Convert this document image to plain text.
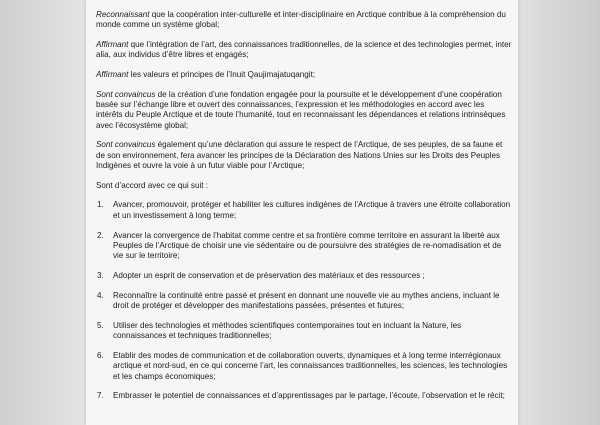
Reconnaissant que la coopération inter-culturelle et inter-disciplinaire en Arctique contribue à la compréhension du monde comme un système global;

Affirmant que l’intégration de l’art, des connaissances traditionnelles, de la science et des technologies permet, inter alia, aux individus d’être libres et engagés;

Affirmant les valeurs et principes de l’Inuit Qaujimajatuqangit;

Sont convaincus de la création d’une fondation engagée pour la poursuite et le développement d’une coopération basée sur l’échange libre et ouvert des connaissances, l’expression et les méthodologies en accord avec les intérêts du Peuple Arctique et de toute l’humanité, tout en reconnaissant les dépendances et relations intrinsèques avec l’écosystème global;

Sont convaincus également qu’une déclaration qui assure le respect de l’Arctique, de ses peuples, de sa faune et de son environnement, fera avancer les principes de la Déclaration des Nations Unies sur les Droits des Peuples Indigènes et ouvre la voie à un futur viable pour l’Arctique;

Sont d’accord avec ce qui suit :

1.	Avancer, promouvoir, protéger et habiliter les cultures indigènes de l’Arctique à travers une étroite collaboration et un investissement à long terme;
2.	Avancer la convergence de l’habitat comme centre et sa frontière comme territoire en assurant la liberté aux Peuples de l’Arctique de choisir une vie sédentaire ou de poursuivre des stratégies de re-nomadisation et de vie sur le territoire;
3.	Adopter un esprit de conservation et de préservation des matériaux et des ressources ;
4.	Reconnaître la continuité entre passé et présent en donnant une nouvelle vie au mythes anciens, incluant le droit de protéger et développer des manifestations passées, présentes et futures;
5.	Utiliser des technologies et méthodes scientifiques contemporaines tout en incluant la Nature, les connaissances et techniques traditionnelles;
6.	Etablir des modes de communication et de collaboration ouverts, dynamiques et à long terme interrégionaux arctique et nord-sud, en ce qui concerne l’art, les connaissances traditionnelles, les sciences, les technologies et les champs économiques;
7.	Embrasser le potentiel de connaissances et d’apprentissages par le partage, l’écoute, l’observation et le récit;
